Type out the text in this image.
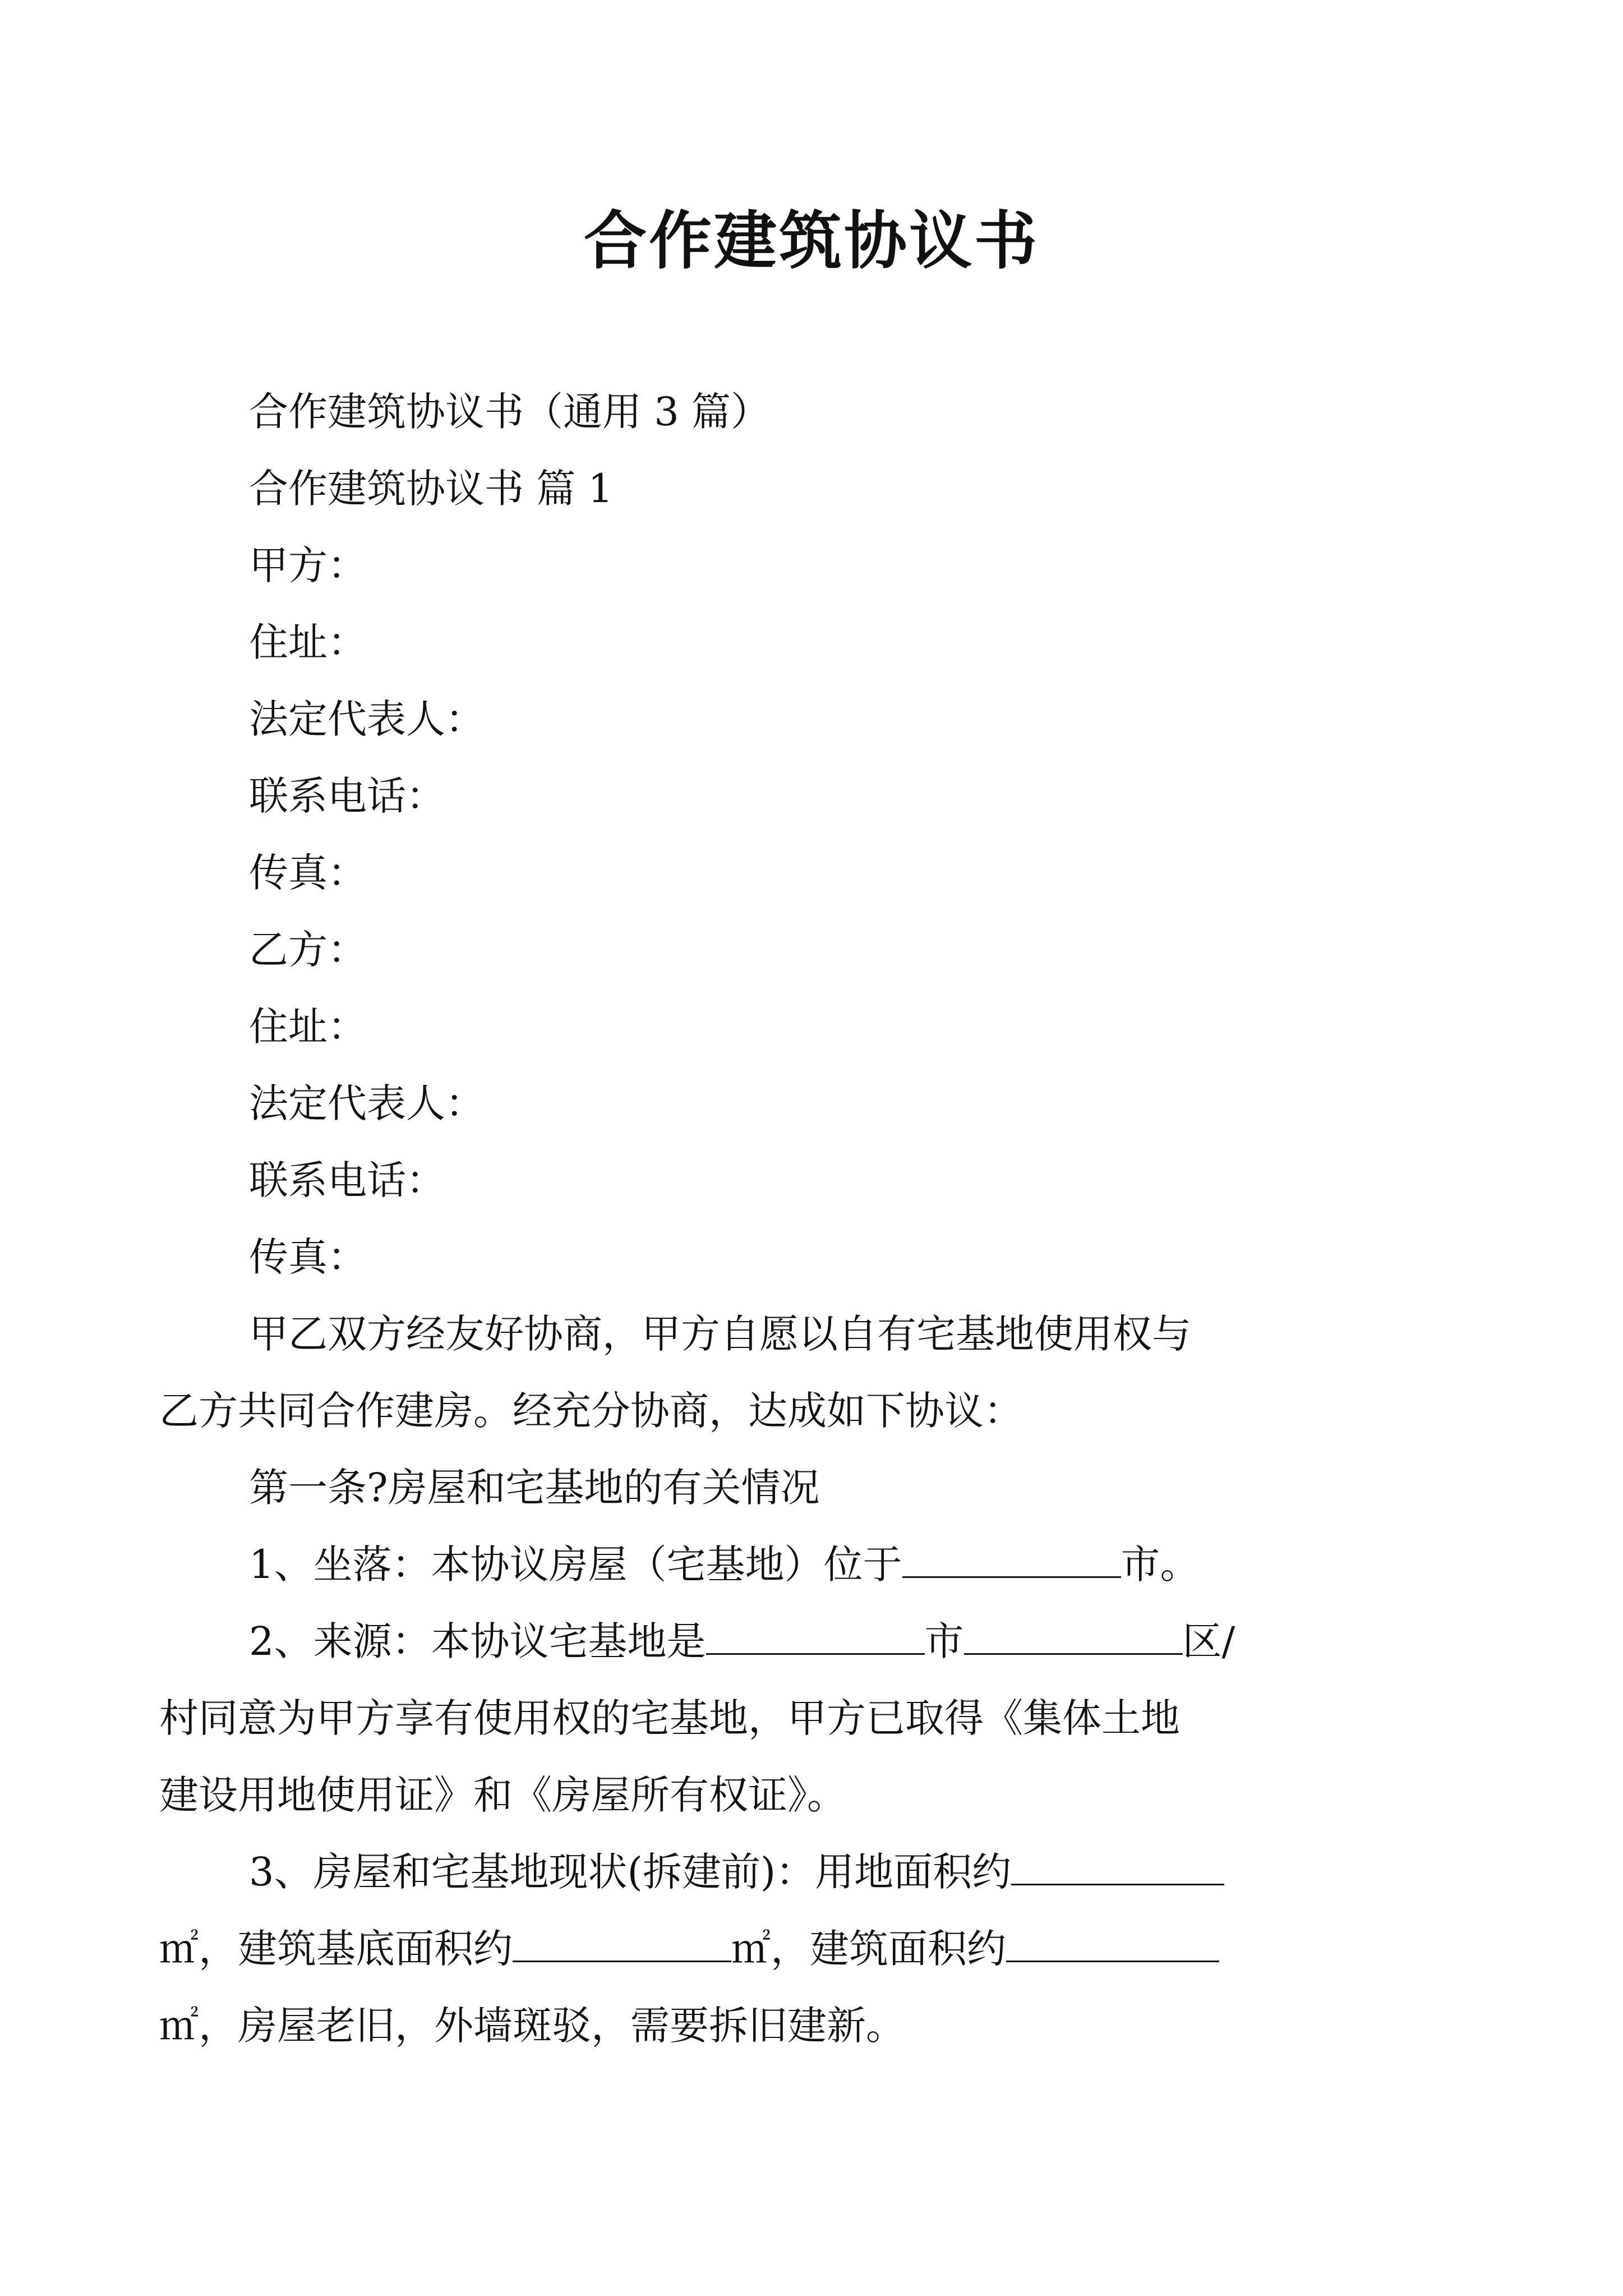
合作建筑协议书
合作建筑协议书（通用 3 篇）
合作建筑协议书 篇 1
甲方：
住址：
法定代表人：
联系电话：
传真：
乙方：
住址：
法定代表人：
联系电话：
传真：
甲乙双方经友好协商，甲方自愿以自有宅基地使用权与
乙方共同合作建房。经充分协商，达成如下协议：
第一条?房屋和宅基地的有关情况
1、坐落：本协议房屋（宅基地）位于	市。
2、来源：本协议宅基地是	市	区/
村同意为甲方享有使用权的宅基地，甲方已取得《集体土地
建设用地使用证》和《房屋所有权证》。
3、房屋和宅基地现状(拆建前)：用地面积约
㎡，建筑基底面积约	㎡，建筑面积约
㎡，房屋老旧，外墙斑驳，需要拆旧建新。
